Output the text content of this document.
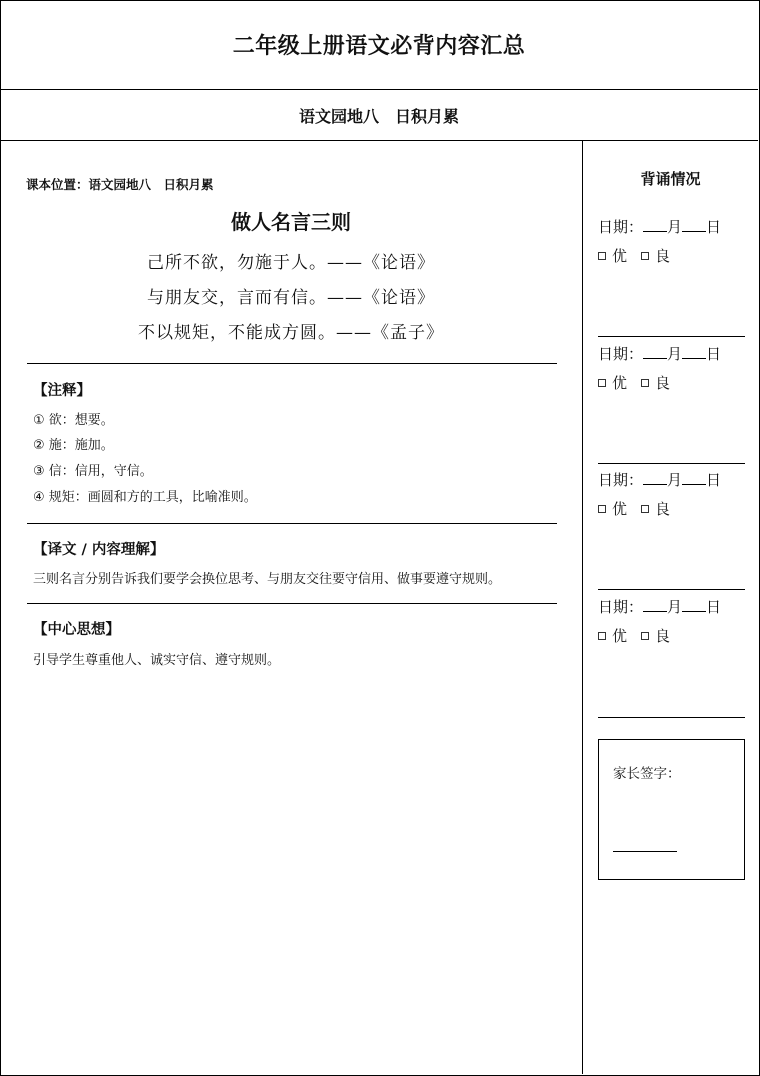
二年级上册语文必背内容汇总
语文园地八　日积月累
课本位置：语文园地八　日积月累
做人名言三则
己所不欲，勿施于人。——《论语》
与朋友交，言而有信。——《论语》
不以规矩，不能成方圆。——《孟子》
【注释】
① 欲：想要。
② 施：施加。
③ 信：信用，守信。
④ 规矩：画圆和方的工具，比喻准则。
【译文 / 内容理解】
三则名言分别告诉我们要学会换位思考、与朋友交往要守信用、做事要遵守规则。
【中心思想】
引导学生尊重他人、诚实守信、遵守规则。
背诵情况
日期： 月 日
优 良
日期： 月 日
优 良
日期： 月 日
优 良
日期： 月 日
优 良
家长签字：
